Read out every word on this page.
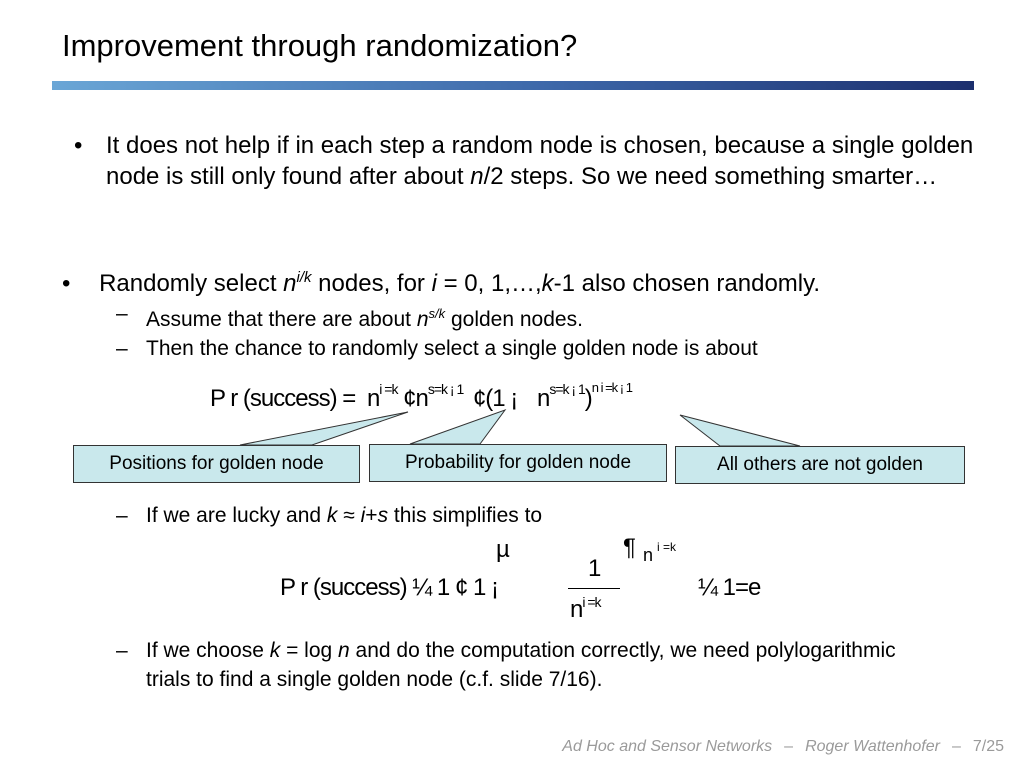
Improvement through randomization?
• It does not help if in each step a random node is chosen, because a single golden node is still only found after about n/2 steps. So we need something smarter…
• Randomly select $n^{i/k}$ nodes, for i = 0, 1,…,k-1 also chosen randomly.
– Assume that there are about $n^{s/k}$ golden nodes.
– Then the chance to randomly select a single golden node is about
P r (success) = $n^{i =k}$ $¢n^{s=k ¡ 1}$ ¢(1 ¡ $n^{s=k ¡ 1})^{n i =k ¡ 1}$
Positions for golden node	Probability for golden node	All others are not golden
– If we are lucky and k ≈ i+s this simplifies to
µ	¶ n i =k
P r (success) ¼ 1 ¢ 1 ¡
1
$n^{i =k}$
¼ 1=e
– If we choose k = log n and do the computation correctly, we need polylogarithmic trials to find a single golden node (c.f. slide 7/16).
Ad Hoc and Sensor Networks – Roger Wattenhofer – 7/25
